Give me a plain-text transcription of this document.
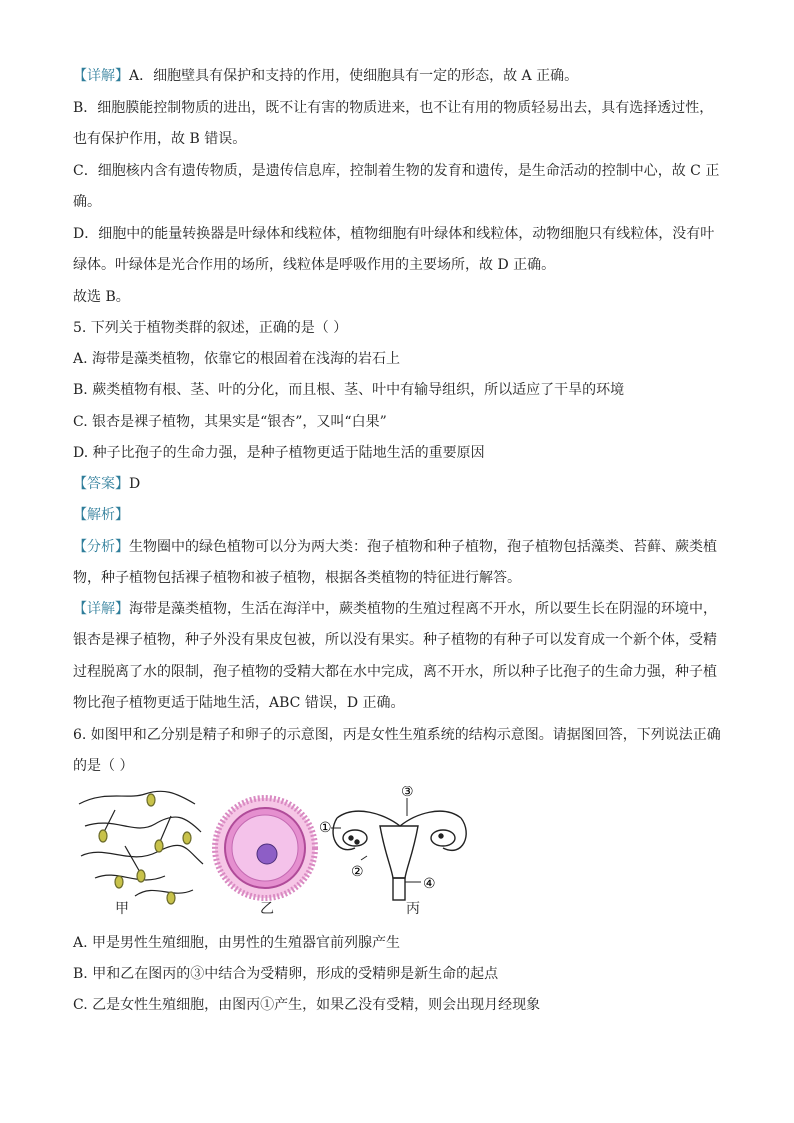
【详解】A．细胞壁具有保护和支持的作用，使细胞具有一定的形态，故 A 正确。
B．细胞膜能控制物质的进出，既不让有害的物质进来，也不让有用的物质轻易出去，具有选择透过性，
也有保护作用，故 B 错误。
C．细胞核内含有遗传物质，是遗传信息库，控制着生物的发育和遗传，是生命活动的控制中心，故 C 正
确。
D．细胞中的能量转换器是叶绿体和线粒体，植物细胞有叶绿体和线粒体，动物细胞只有线粒体，没有叶
绿体。叶绿体是光合作用的场所，线粒体是呼吸作用的主要场所，故 D 正确。
故选 B。
5. 下列关于植物类群的叙述，正确的是（ ）
A. 海带是藻类植物，依靠它的根固着在浅海的岩石上
B. 蕨类植物有根、茎、叶的分化，而且根、茎、叶中有输导组织，所以适应了干旱的环境
C. 银杏是裸子植物，其果实是“银杏”，又叫“白果”
D. 种子比孢子的生命力强，是种子植物更适于陆地生活的重要原因
【答案】D
【解析】
【分析】生物圈中的绿色植物可以分为两大类：孢子植物和种子植物，孢子植物包括藻类、苔藓、蕨类植
物，种子植物包括裸子植物和被子植物，根据各类植物的特征进行解答。
【详解】海带是藻类植物，生活在海洋中，蕨类植物的生殖过程离不开水，所以要生长在阴湿的环境中，
银杏是裸子植物，种子外没有果皮包被，所以没有果实。种子植物的有种子可以发育成一个新个体，受精
过程脱离了水的限制，孢子植物的受精大都在水中完成，离不开水，所以种子比孢子的生命力强，种子植
物比孢子植物更适于陆地生活，ABC 错误，D 正确。
6. 如图甲和乙分别是精子和卵子的示意图，丙是女性生殖系统的结构示意图。请据图回答，下列说法正确
的是（ ）
①
②
③
④
甲	乙	丙
A. 甲是男性生殖细胞，由男性的生殖器官前列腺产生
B. 甲和乙在图丙的③中结合为受精卵，形成的受精卵是新生命的起点
C. 乙是女性生殖细胞，由图丙①产生，如果乙没有受精，则会出现月经现象
